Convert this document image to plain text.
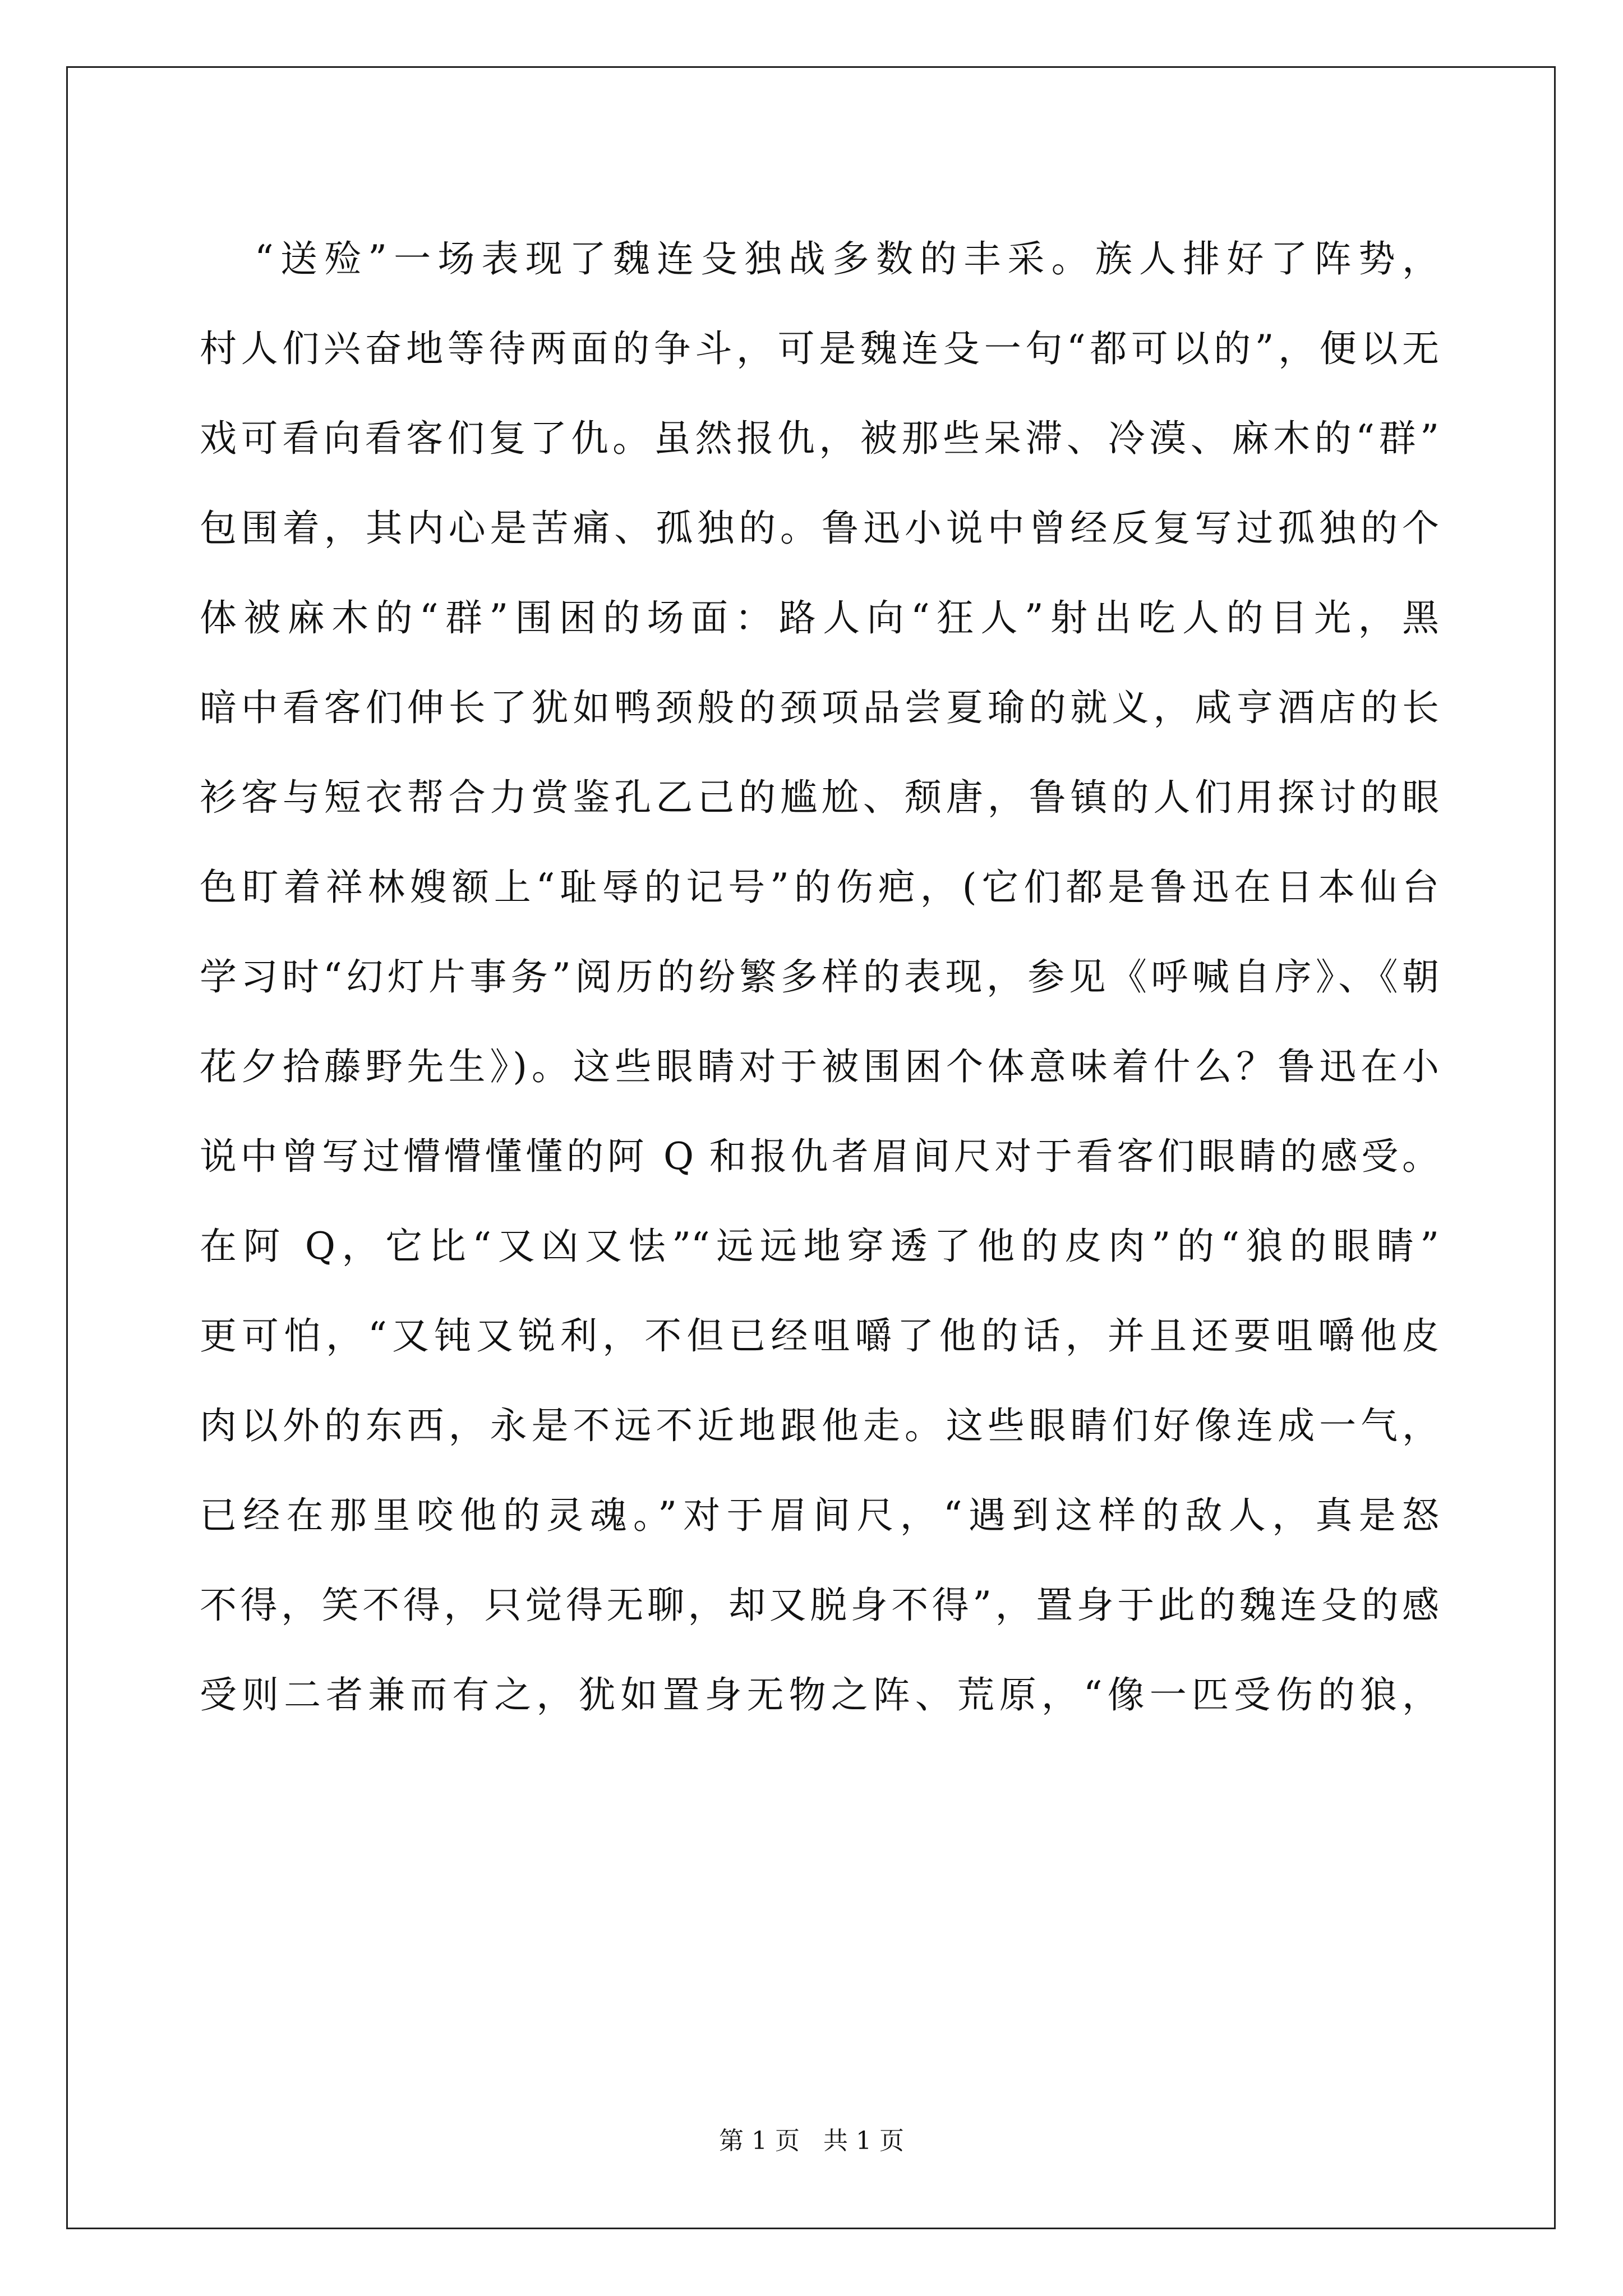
“送殓”一场表现了魏连殳独战多数的丰采。族人排好了阵势，
村人们兴奋地等待两面的争斗，可是魏连殳一句“都可以的”，便以无
戏可看向看客们复了仇。虽然报仇，被那些呆滞、冷漠、麻木的“群”
包围着，其内心是苦痛、孤独的。鲁迅小说中曾经反复写过孤独的个
体被麻木的“群”围困的场面：路人向“狂人”射出吃人的目光，黑
暗中看客们伸长了犹如鸭颈般的颈项品尝夏瑜的就义，咸亨酒店的长
衫客与短衣帮合力赏鉴孔乙己的尴尬、颓唐，鲁镇的人们用探讨的眼
色盯着祥林嫂额上“耻辱的记号”的伤疤，(它们都是鲁迅在日本仙台
学习时“幻灯片事务”阅历的纷繁多样的表现，参见《呼喊自序》、《朝
花夕拾藤野先生》)。这些眼睛对于被围困个体意味着什么？鲁迅在小
说中曾写过懵懵懂懂的阿 Q 和报仇者眉间尺对于看客们眼睛的感受。
在阿 Q，它比“又凶又怯”“远远地穿透了他的皮肉”的“狼的眼睛”
更可怕，“又钝又锐利，不但已经咀嚼了他的话，并且还要咀嚼他皮
肉以外的东西，永是不远不近地跟他走。这些眼睛们好像连成一气，
已经在那里咬他的灵魂。”对于眉间尺，“遇到这样的敌人，真是怒
不得，笑不得，只觉得无聊，却又脱身不得”，置身于此的魏连殳的感
受则二者兼而有之，犹如置身无物之阵、荒原，“像一匹受伤的狼，
第 1 页   共 1 页
